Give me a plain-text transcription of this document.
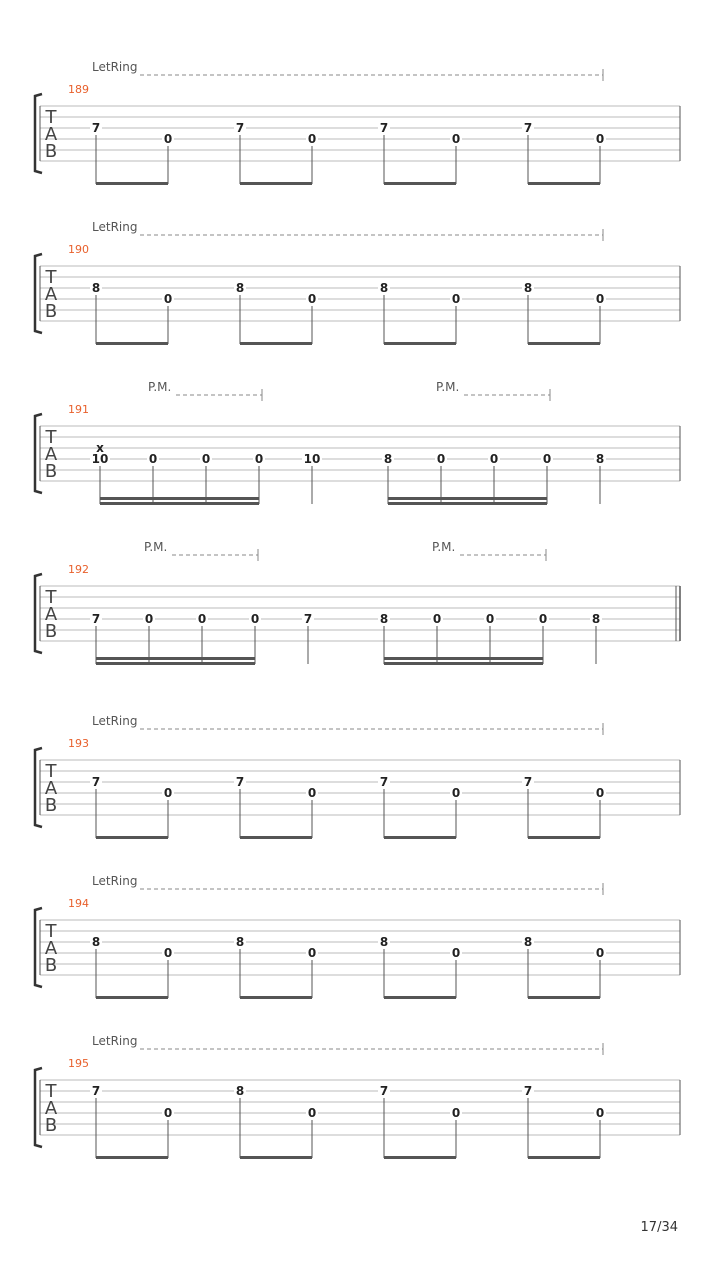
LetRing
189
T
A
B
7
0
7
0
7
0
7
0
LetRing
190
T
A
B
8
0
8
0
8
0
8
0
P.M.	P.M.
191
T
A
B
10
x
0	0	0	10	8	0	0	0	8
P.M.	P.M.
192
T
A
B
7	0	0	0	7	8	0	0	0	8
LetRing
193
T
A
B
7
0
7
0
7
0
7
0
LetRing
194
T
A
B
8
0
8
0
8
0
8
0
LetRing
195
T
A
B
7
0
8
0
7
0
7
0
17/34
